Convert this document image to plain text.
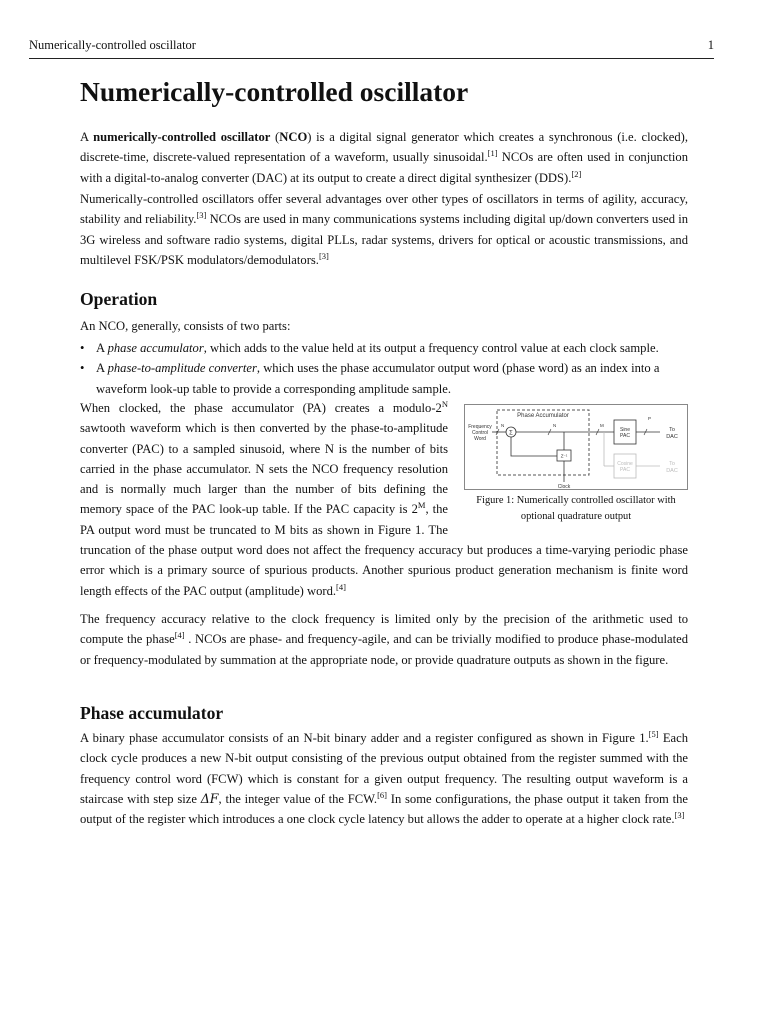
Numerically-controlled oscillator	1
Numerically-controlled oscillator

A numerically-controlled oscillator (NCO) is a digital signal generator which creates a synchronous (i.e. clocked), discrete-time, discrete-valued representation of a waveform, usually sinusoidal.[1] NCOs are often used in conjunction with a digital-to-analog converter (DAC) at its output to create a direct digital synthesizer (DDS).[2]

Numerically-controlled oscillators offer several advantages over other types of oscillators in terms of agility, accuracy, stability and reliability.[3] NCOs are used in many communications systems including digital up/down converters used in 3G wireless and software radio systems, digital PLLs, radar systems, drivers for optical or acoustic transmissions, and multilevel FSK/PSK modulators/demodulators.[3]

Operation

An NCO, generally, consists of two parts:

• A phase accumulator, which adds to the value held at its output a frequency control value at each clock sample.
• A phase-to-amplitude converter, which uses the phase accumulator output word (phase word) as an index into a waveform look-up table to provide a corresponding amplitude sample.

When clocked, the phase accumulator (PA) creates a modulo-$2^N$ sawtooth waveform which is then converted by the phase-to-amplitude converter (PAC) to a sampled sinusoid, where N is the number of bits carried in the phase accumulator. N sets the NCO frequency resolution and is normally much larger than the number of bits defining the memory space of the PAC look-up table. If the PAC capacity is $2^M$, the PA output word must be truncated to M bits as shown in Figure 1. The truncation of the phase output word does not affect the frequency accuracy but produces a time-varying periodic phase error which is a primary source of spurious products. Another spurious product generation mechanism is finite word length effects of the PAC output (amplitude) word.[4]

The frequency accuracy relative to the clock frequency is limited only by the precision of the arithmetic used to compute the phase[4] . NCOs are phase- and frequency-agile, and can be trivially modified to produce phase-modulated or frequency-modulated by summation at the appropriate node, or provide quadrature outputs as shown in the figure.

Phase Accumulator
Frequency
Control
Word
N
Σ
N
Z⁻¹
Clock
M
Sine
PAC
P
To
DAC
Cosine
PAC
To
DAC
Figure 1: Numerically controlled oscillator with optional quadrature output
Phase accumulator

A binary phase accumulator consists of an N-bit binary adder and a register configured as shown in Figure 1.[5] Each clock cycle produces a new N-bit output consisting of the previous output obtained from the register summed with the frequency control word (FCW) which is constant for a given output frequency. The resulting output waveform is a staircase with step size ΔF, the integer value of the FCW.[6] In some configurations, the phase output it taken from the output of the register which introduces a one clock cycle latency but allows the adder to operate at a higher clock rate.[3]
